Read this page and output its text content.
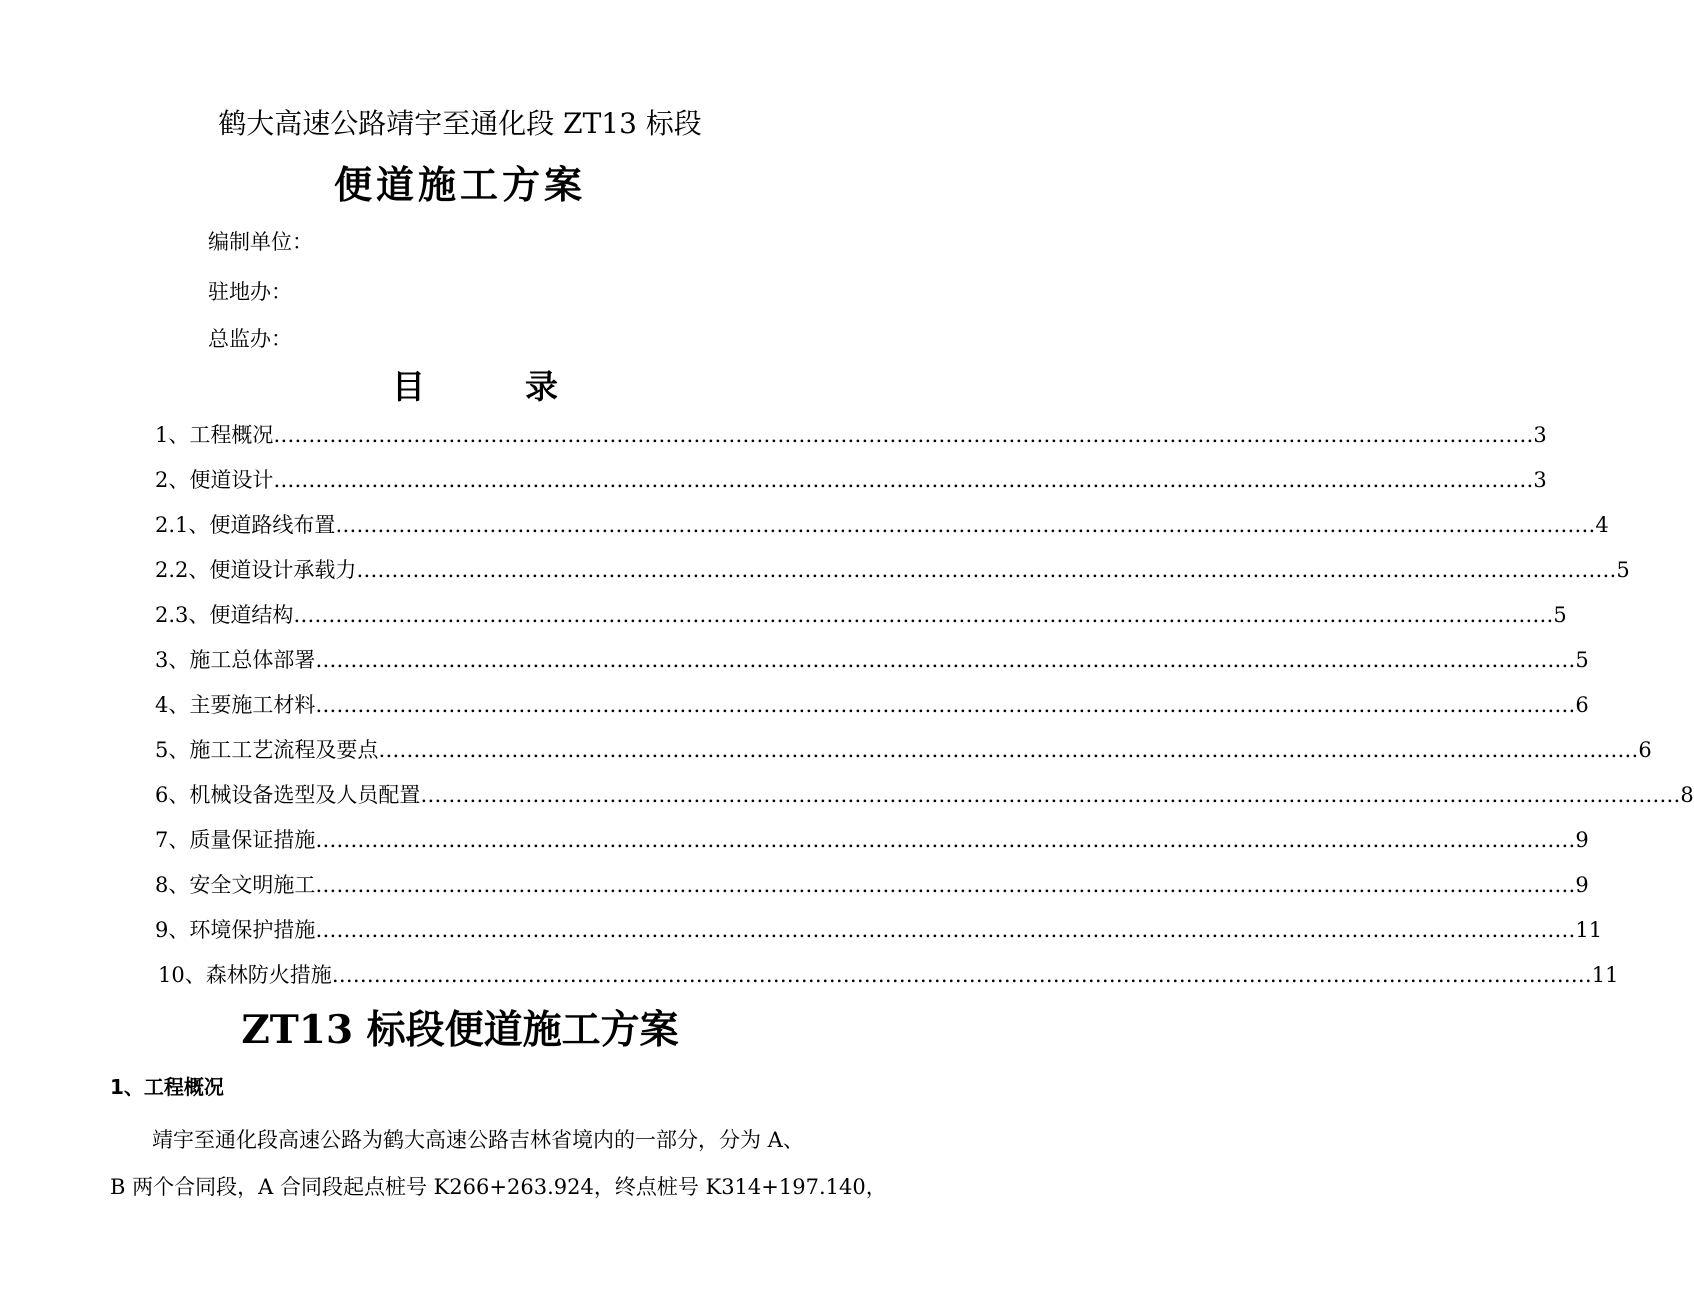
鹤大高速公路靖宇至通化段 ZT13 标段
便道施工方案
编制单位：
驻地办：
总监办：
目	录
1、工程概况 ……………………………………………………………………………………………………………………………………………………………… 3
2、便道设计 ……………………………………………………………………………………………………………………………………………………………… 3
2.1、便道路线布置 ……………………………………………………………………………………………………………………………………………………………… 4
2.2、便道设计承载力 ……………………………………………………………………………………………………………………………………………………………… 5
2.3、便道结构 ……………………………………………………………………………………………………………………………………………………………… 5
3、施工总体部署 ……………………………………………………………………………………………………………………………………………………………… 5
4、主要施工材料 ……………………………………………………………………………………………………………………………………………………………… 6
5、施工工艺流程及要点 ……………………………………………………………………………………………………………………………………………………………… 6
6、机械设备选型及人员配置 ……………………………………………………………………………………………………………………………………………………………… 8
7、质量保证措施 ……………………………………………………………………………………………………………………………………………………………… 9
8、安全文明施工 ……………………………………………………………………………………………………………………………………………………………… 9
9、环境保护措施 ……………………………………………………………………………………………………………………………………………………………… 11
10、森林防火措施 ……………………………………………………………………………………………………………………………………………………………… 11
ZT13 标段便道施工方案
1、工程概况
靖宇至通化段高速公路为鹤大高速公路吉林省境内的一部分，分为 A、
B 两个合同段，A 合同段起点桩号 K266+263.924，终点桩号 K314+197.140，
